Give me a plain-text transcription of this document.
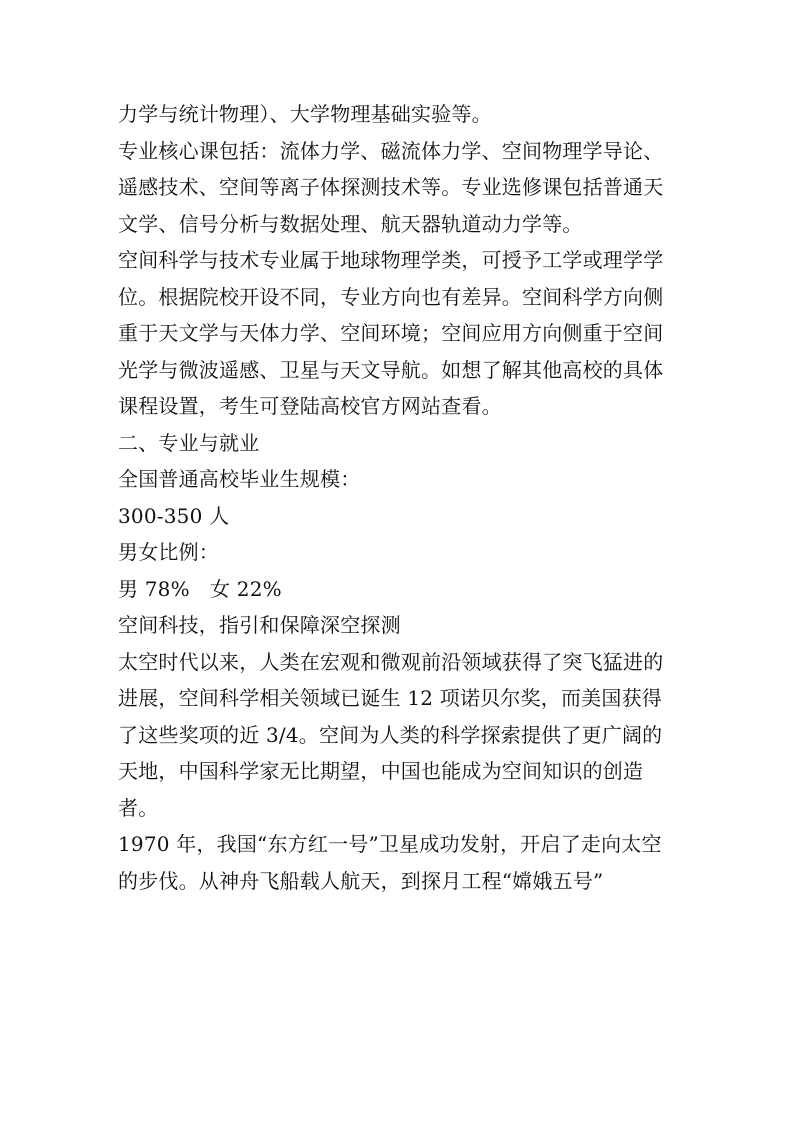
力学与统计物理）、大学物理基础实验等。

专业核心课包括：流体力学、磁流体力学、空间物理学导论、遥感技术、空间等离子体探测技术等。专业选修课包括普通天文学、信号分析与数据处理、航天器轨道动力学等。

空间科学与技术专业属于地球物理学类，可授予工学或理学学位。根据院校开设不同，专业方向也有差异。空间科学方向侧重于天文学与天体力学、空间环境；空间应用方向侧重于空间光学与微波遥感、卫星与天文导航。如想了解其他高校的具体课程设置，考生可登陆高校官方网站查看。

二、专业与就业

全国普通高校毕业生规模：

300-350 人

男女比例：

男 78%　女 22%

空间科技，指引和保障深空探测

太空时代以来，人类在宏观和微观前沿领域获得了突飞猛进的进展，空间科学相关领域已诞生 12 项诺贝尔奖，而美国获得了这些奖项的近 3/4。空间为人类的科学探索提供了更广阔的天地，中国科学家无比期望，中国也能成为空间知识的创造者。

1970 年，我国“东方红一号”卫星成功发射，开启了走向太空的步伐。从神舟飞船载人航天，到探月工程“嫦娥五号”
